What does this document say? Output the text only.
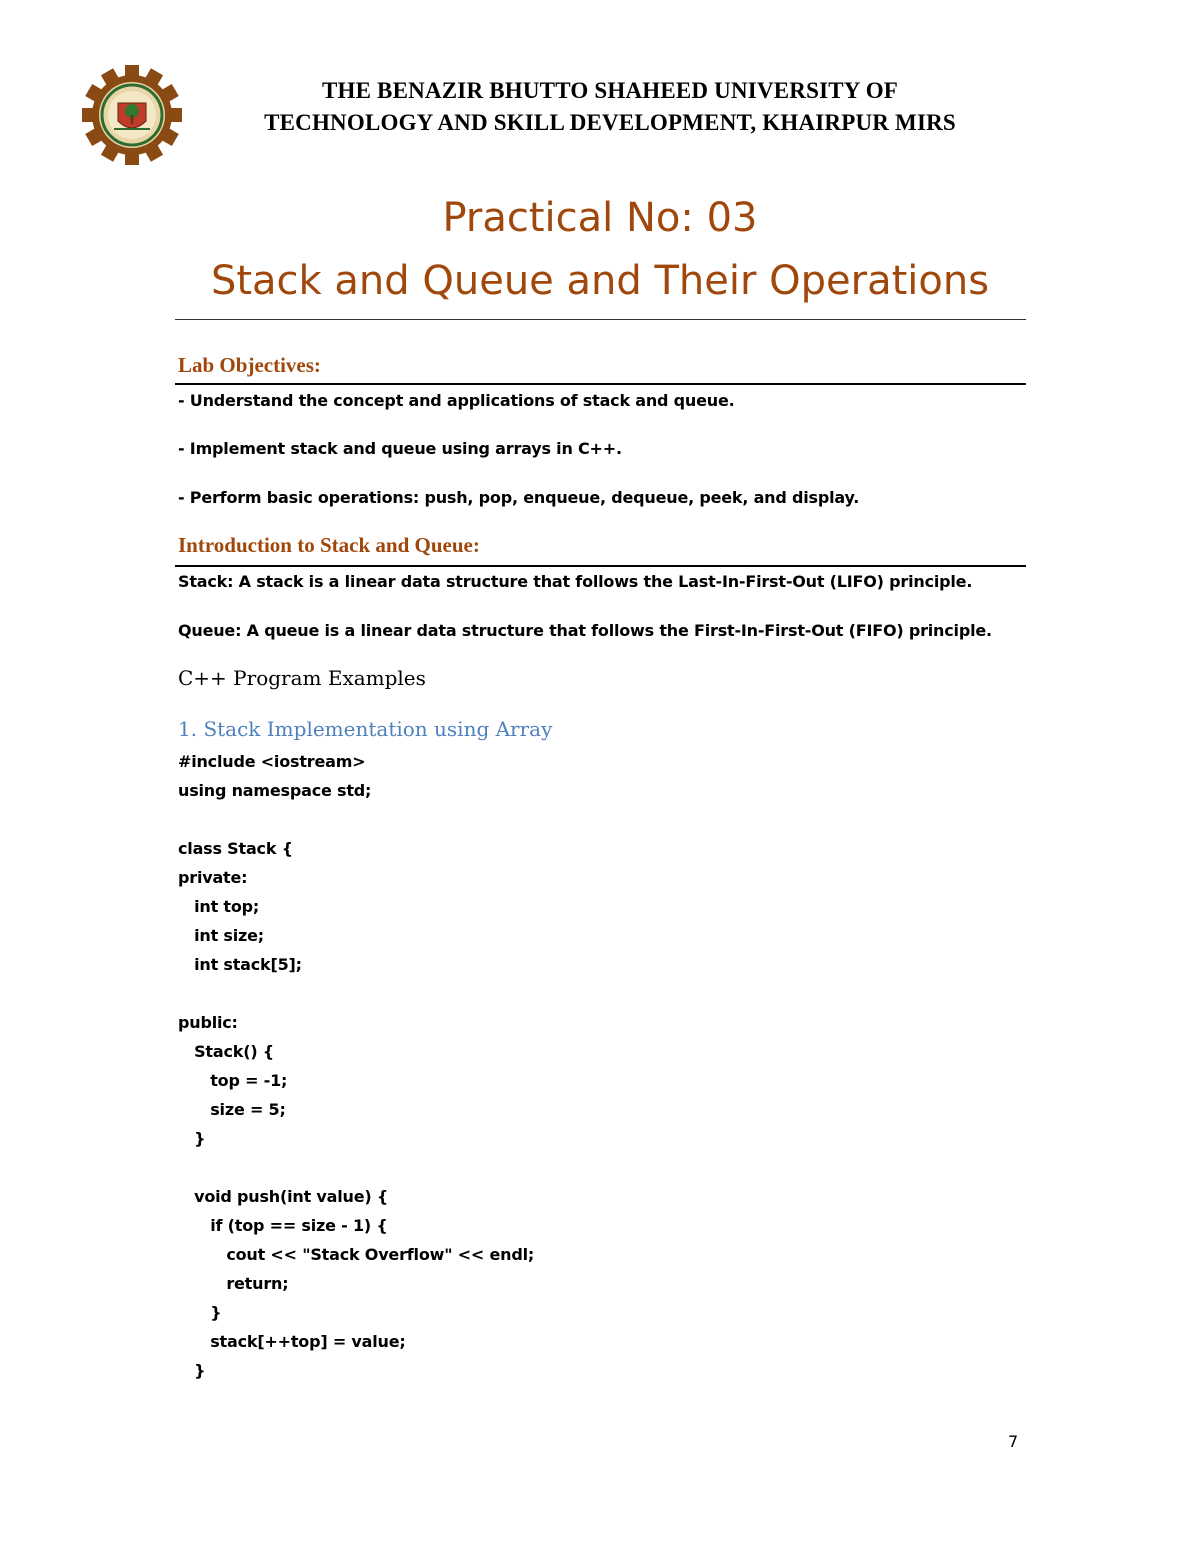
THE BENAZIR BHUTTO SHAHEED UNIVERSITY OF
TECHNOLOGY AND SKILL DEVELOPMENT, KHAIRPUR MIRS
Practical No: 03
Stack and Queue and Their Operations
Lab Objectives:
- Understand the concept and applications of stack and queue.
- Implement stack and queue using arrays in C++.
- Perform basic operations: push, pop, enqueue, dequeue, peek, and display.
Introduction to Stack and Queue:
Stack: A stack is a linear data structure that follows the Last-In-First-Out (LIFO) principle.
Queue: A queue is a linear data structure that follows the First-In-First-Out (FIFO) principle.
C++ Program Examples
1. Stack Implementation using Array
#include <iostream>
using namespace std;

class Stack {
private:
int top;
int size;
int stack[5];

public:
Stack() {
top = -1;
size = 5;
}

void push(int value) {
if (top == size - 1) {
cout << "Stack Overflow" << endl;
return;
}
stack[++top] = value;
}
7
